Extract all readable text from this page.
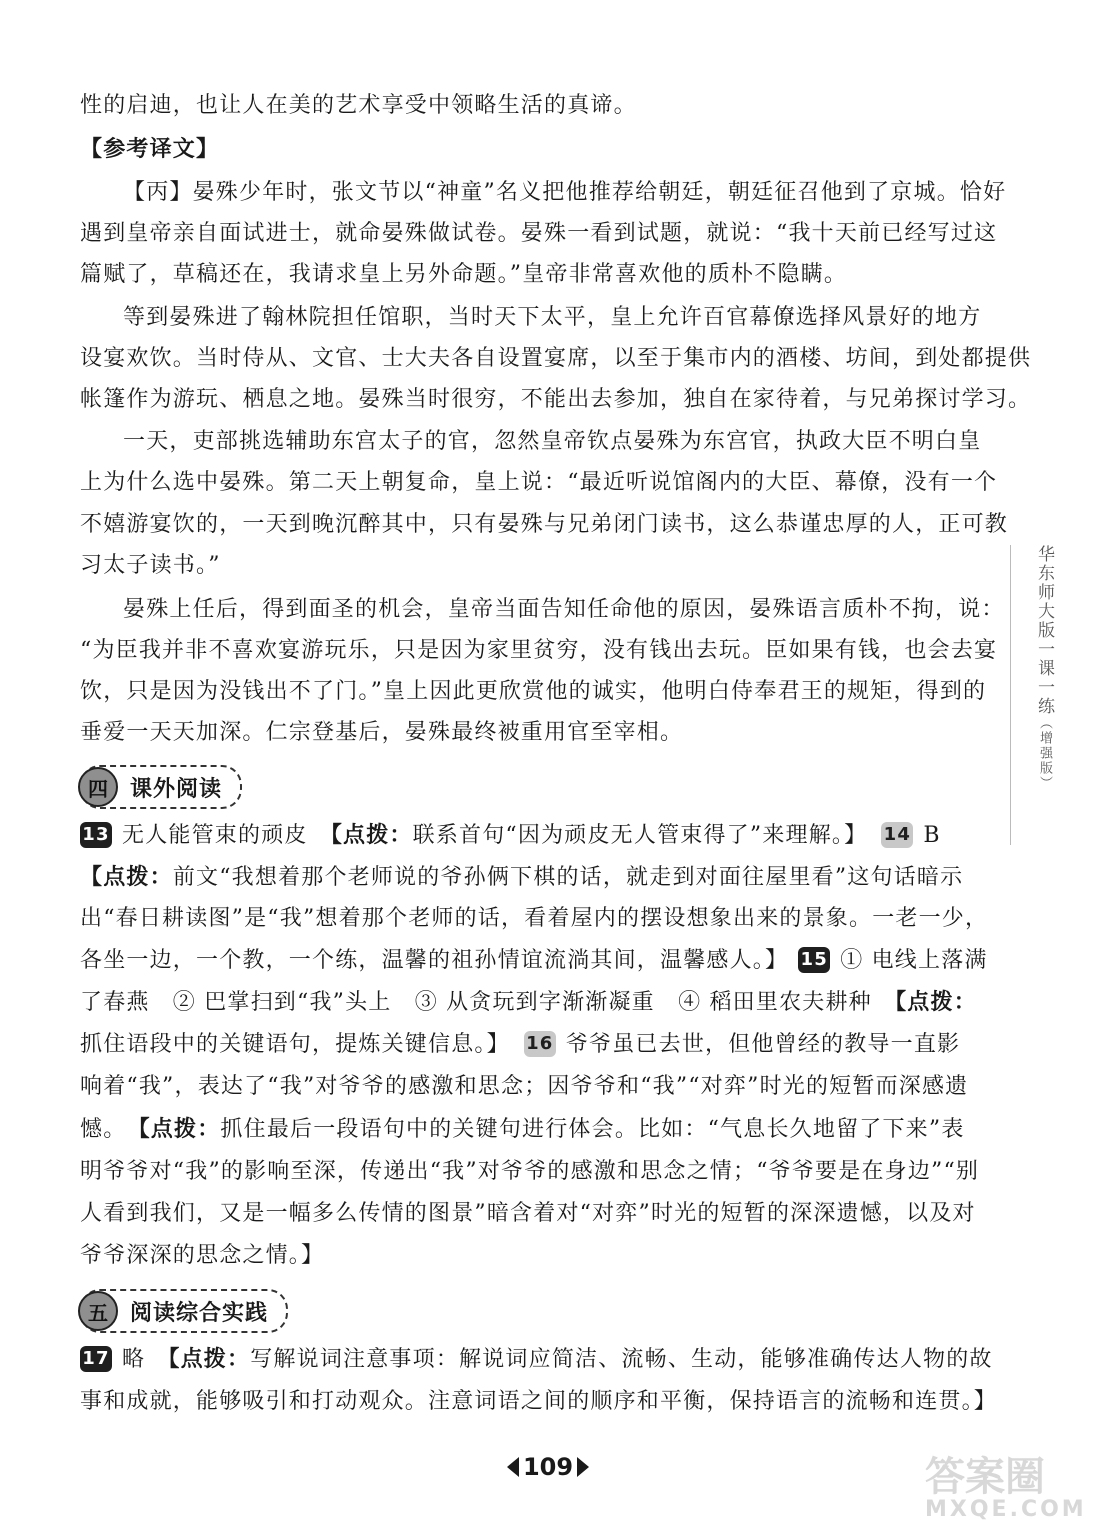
性的启迪，也让人在美的艺术享受中领略生活的真谛。
【参考译文】
【丙】晏殊少年时，张文节以“神童”名义把他推荐给朝廷，朝廷征召他到了京城。恰好
遇到皇帝亲自面试进士，就命晏殊做试卷。晏殊一看到试题，就说：“我十天前已经写过这
篇赋了，草稿还在，我请求皇上另外命题。”皇帝非常喜欢他的质朴不隐瞒。
等到晏殊进了翰林院担任馆职，当时天下太平，皇上允许百官幕僚选择风景好的地方
设宴欢饮。当时侍从、文官、士大夫各自设置宴席，以至于集市内的酒楼、坊间，到处都提供
帐篷作为游玩、栖息之地。晏殊当时很穷，不能出去参加，独自在家待着，与兄弟探讨学习。
一天，吏部挑选辅助东宫太子的官，忽然皇帝钦点晏殊为东宫官，执政大臣不明白皇
上为什么选中晏殊。第二天上朝复命，皇上说：“最近听说馆阁内的大臣、幕僚，没有一个
不嬉游宴饮的，一天到晚沉醉其中，只有晏殊与兄弟闭门读书，这么恭谨忠厚的人，正可教
习太子读书。”
晏殊上任后，得到面圣的机会，皇帝当面告知任命他的原因，晏殊语言质朴不拘，说：
“为臣我并非不喜欢宴游玩乐，只是因为家里贫穷，没有钱出去玩。臣如果有钱，也会去宴
饮，只是因为没钱出不了门。”皇上因此更欣赏他的诚实，他明白侍奉君王的规矩，得到的
垂爱一天天加深。仁宗登基后，晏殊最终被重用官至宰相。
四	课外阅读
13 无人能管束的顽皮　 【点拨：联系首句“因为顽皮无人管束得了”来理解。】 14 B
【点拨：前文“我想着那个老师说的爷孙俩下棋的话，就走到对面往屋里看”这句话暗示
出“春日耕读图”是“我”想着那个老师的话，看着屋内的摆设想象出来的景象。一老一少，
各坐一边，一个教，一个练，温馨的祖孙情谊流淌其间，温馨感人。】 15 ① 电线上落满
了春燕　② 巴掌扫到“我”头上　③ 从贪玩到字渐渐凝重　④ 稻田里农夫耕种　 【点拨：
抓住语段中的关键语句，提炼关键信息。】 16 爷爷虽已去世，但他曾经的教导一直影
响着“我”，表达了“我”对爷爷的感激和思念；因爷爷和“我”“对弈”时光的短暂而深感遗
憾。　 【点拨：抓住最后一段语句中的关键句进行体会。比如：“气息长久地留了下来”表
明爷爷对“我”的影响至深，传递出“我”对爷爷的感激和思念之情；“爷爷要是在身边”“别
人看到我们，又是一幅多么传情的图景”暗含着对“对弈”时光的短暂的深深遗憾，以及对
爷爷深深的思念之情。】
五	阅读综合实践
17 略　 【点拨：写解说词注意事项：解说词应简洁、流畅、生动，能够准确传达人物的故
事和成就，能够吸引和打动观众。注意词语之间的顺序和平衡，保持语言的流畅和连贯。】
华东师大版一课一练（增强版）
109	答案圈
MXQE.COM
